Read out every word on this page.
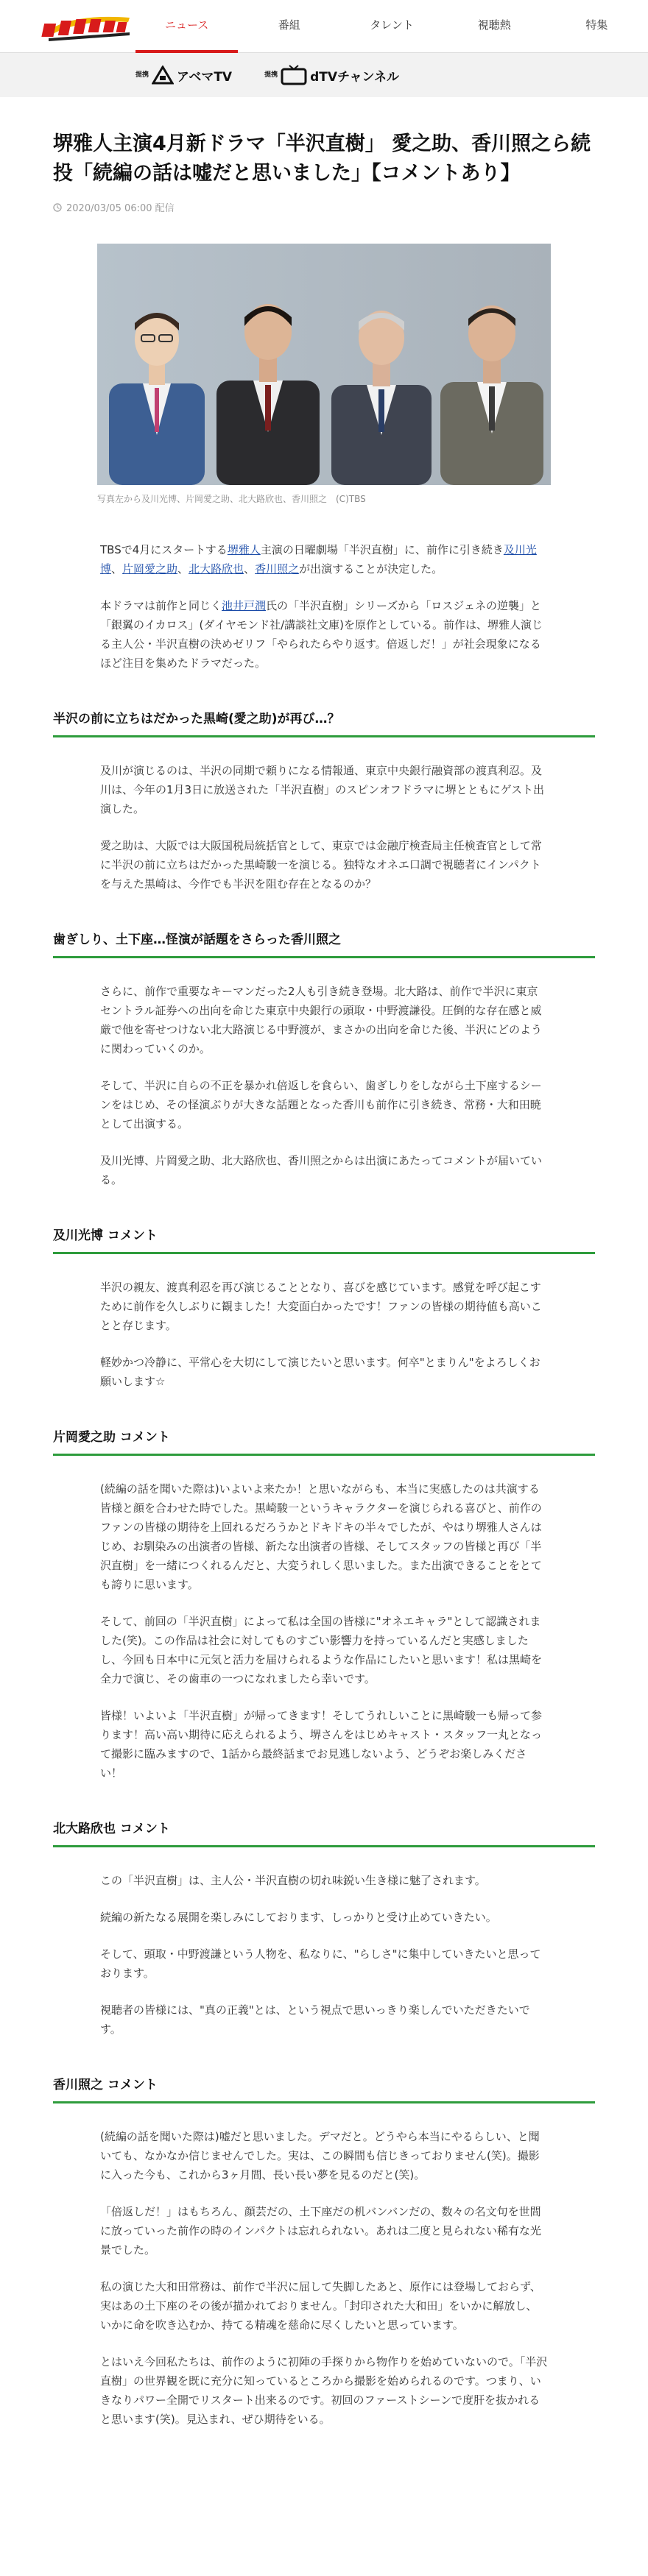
ニュース	番組	タレント	視聴熱	特集
提携 アベマTV	提携	dTVチャンネル
堺雅人主演4月新ドラマ「半沢直樹」 愛之助、香川照之ら続投「続編の話は嘘だと思いました」【コメントあり】
2020/03/05 06:00 配信

写真左から及川光博、片岡愛之助、北大路欣也、香川照之　(C)TBS

TBSで4月にスタートする堺雅人主演の日曜劇場「半沢直樹」に、前作に引き続き及川光博、片岡愛之助、北大路欣也、香川照之が出演することが決定した。

本ドラマは前作と同じく池井戸潤氏の「半沢直樹」シリーズから「ロスジェネの逆襲」と「銀翼のイカロス」(ダイヤモンド社/講談社文庫)を原作としている。前作は、堺雅人演じる主人公・半沢直樹の決めゼリフ「やられたらやり返す。倍返しだ！」が社会現象になるほど注目を集めたドラマだった。

半沢の前に立ちはだかった黒崎(愛之助)が再び…？

及川が演じるのは、半沢の同期で頼りになる情報通、東京中央銀行融資部の渡真利忍。及川は、今年の1月3日に放送された「半沢直樹」のスピンオフドラマに堺とともにゲスト出演した。

愛之助は、大阪では大阪国税局統括官として、東京では金融庁検査局主任検査官として常に半沢の前に立ちはだかった黒崎駿一を演じる。独特なオネエ口調で視聴者にインパクトを与えた黒崎は、今作でも半沢を阻む存在となるのか？

歯ぎしり、土下座…怪演が話題をさらった香川照之

さらに、前作で重要なキーマンだった2人も引き続き登場。北大路は、前作で半沢に東京セントラル証券への出向を命じた東京中央銀行の頭取・中野渡謙役。圧倒的な存在感と威厳で他を寄せつけない北大路演じる中野渡が、まさかの出向を命じた後、半沢にどのように関わっていくのか。

そして、半沢に自らの不正を暴かれ倍返しを食らい、歯ぎしりをしながら土下座するシーンをはじめ、その怪演ぶりが大きな話題となった香川も前作に引き続き、常務・大和田暁として出演する。

及川光博、片岡愛之助、北大路欣也、香川照之からは出演にあたってコメントが届いている。

及川光博 コメント

半沢の親友、渡真利忍を再び演じることとなり、喜びを感じています。感覚を呼び起こすために前作を久しぶりに観ました！大変面白かったです！ファンの皆様の期待値も高いことと存じます。

軽妙かつ冷静に、平常心を大切にして演じたいと思います。何卒"とまりん"をよろしくお願いします☆

片岡愛之助 コメント

(続編の話を聞いた際は)いよいよ来たか！と思いながらも、本当に実感したのは共演する皆様と顔を合わせた時でした。黒崎駿一というキャラクターを演じられる喜びと、前作のファンの皆様の期待を上回れるだろうかとドキドキの半々でしたが、やはり堺雅人さんはじめ、お馴染みの出演者の皆様、新たな出演者の皆様、そしてスタッフの皆様と再び「半沢直樹」を一緒につくれるんだと、大変うれしく思いました。また出演できることをとても誇りに思います。

そして、前回の「半沢直樹」によって私は全国の皆様に"オネエキャラ"として認識されました(笑)。この作品は社会に対してものすごい影響力を持っているんだと実感しましたし、今回も日本中に元気と活力を届けられるような作品にしたいと思います！私は黒崎を全力で演じ、その歯車の一つになれましたら幸いです。

皆様！いよいよ「半沢直樹」が帰ってきます！そしてうれしいことに黒崎駿一も帰って参ります！高い高い期待に応えられるよう、堺さんをはじめキャスト・スタッフ一丸となって撮影に臨みますので、1話から最終話までお見逃しないよう、どうぞお楽しみください！

北大路欣也 コメント

この「半沢直樹」は、主人公・半沢直樹の切れ味鋭い生き様に魅了されます。

続編の新たなる展開を楽しみにしております、しっかりと受け止めていきたい。

そして、頭取・中野渡謙という人物を、私なりに、"らしさ"に集中していきたいと思っております。

視聴者の皆様には、"真の正義"とは、という視点で思いっきり楽しんでいただきたいです。

香川照之 コメント

(続編の話を聞いた際は)嘘だと思いました。デマだと。どうやら本当にやるらしい、と聞いても、なかなか信じませんでした。実は、この瞬間も信じきっておりません(笑)。撮影に入った今も、これから3ヶ月間、長い長い夢を見るのだと(笑)。

「倍返しだ！」はもちろん、顔芸だの、土下座だの机バンバンだの、数々の名文句を世間に放っていった前作の時のインパクトは忘れられない。あれは二度と見られない稀有な光景でした。

私の演じた大和田常務は、前作で半沢に屈して失脚したあと、原作には登場しておらず、実はあの土下座のその後が描かれておりません。「封印された大和田」をいかに解放し、いかに命を吹き込むか、持てる精魂を慈命に尽くしたいと思っています。

とはいえ今回私たちは、前作のように初陣の手探りから物作りを始めていないので。「半沢直樹」の世界観を既に充分に知っているところから撮影を始められるのです。つまり、いきなりパワー全開でリスタート出来るのです。初回のファーストシーンで度肝を抜かれると思います(笑)。見込まれ、ぜひ期待をいる。
